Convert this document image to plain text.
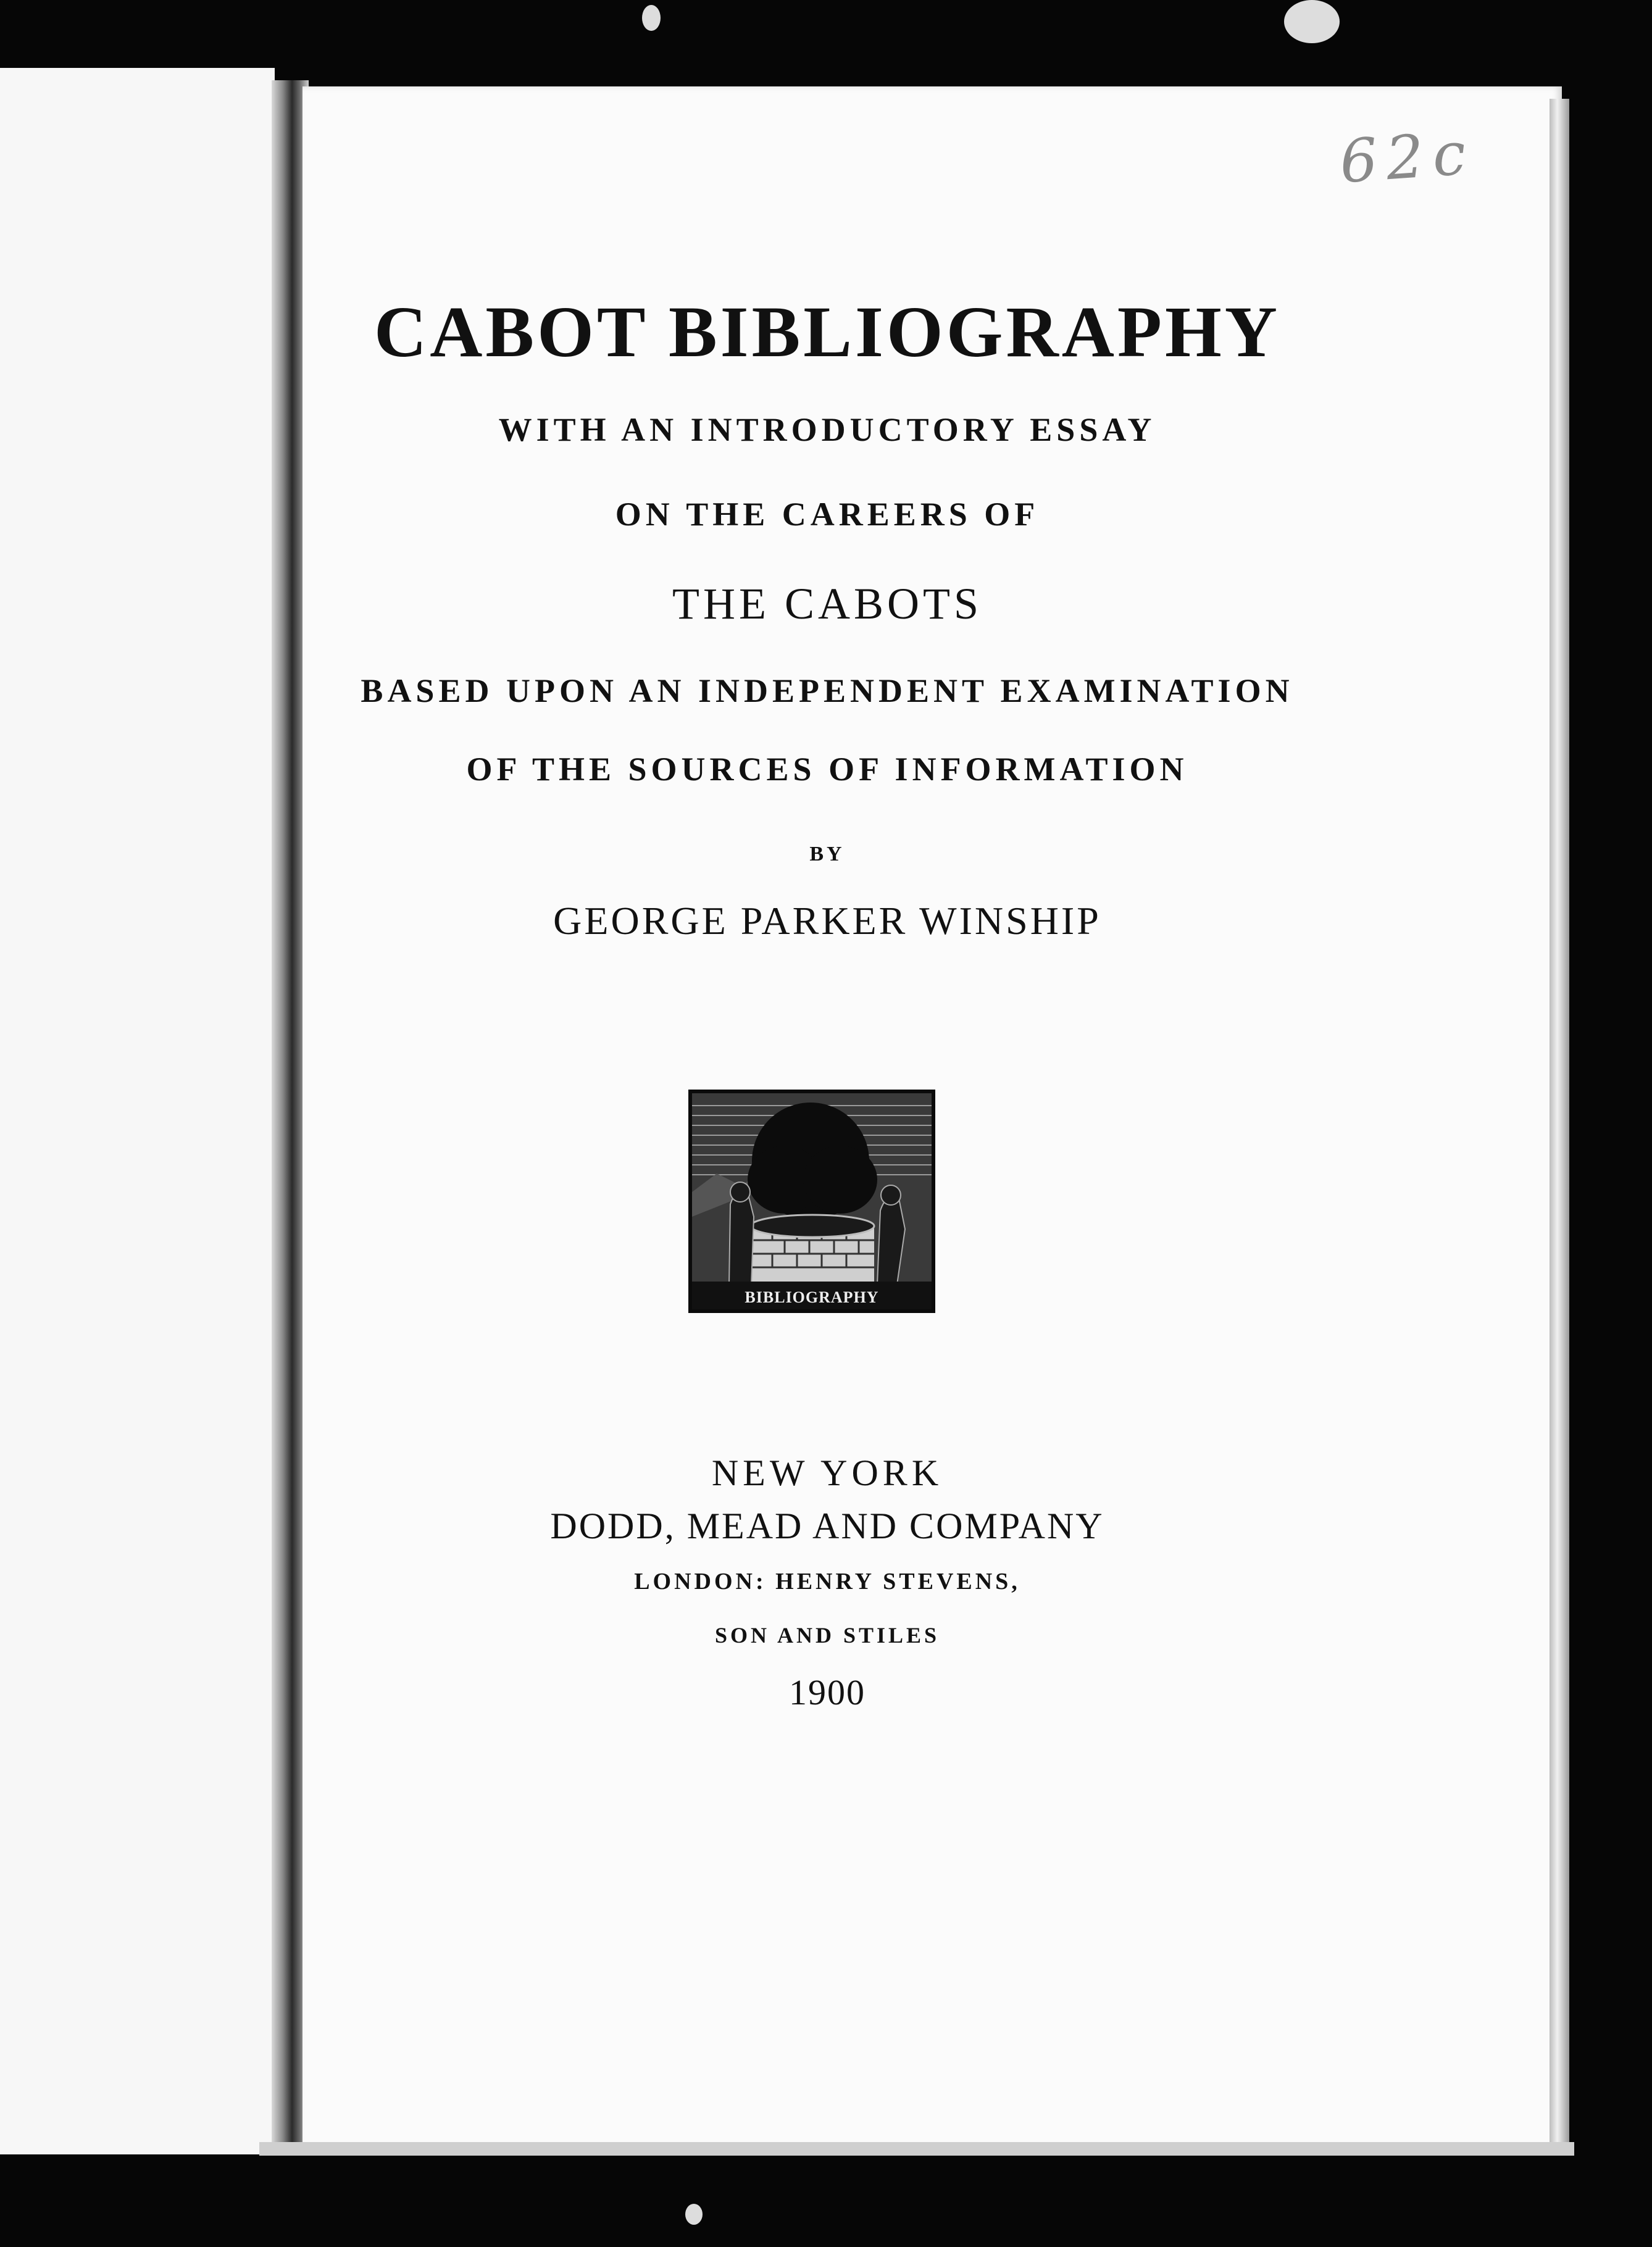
62c
CABOT BIBLIOGRAPHY
WITH AN INTRODUCTORY ESSAY
ON THE CAREERS OF
THE CABOTS
BASED UPON AN INDEPENDENT EXAMINATION
OF THE SOURCES OF INFORMATION
BY
GEORGE PARKER WINSHIP
BIBLIOGRAPHY
NEW YORK
DODD, MEAD AND COMPANY
LONDON: HENRY STEVENS,
SON AND STILES
1900
